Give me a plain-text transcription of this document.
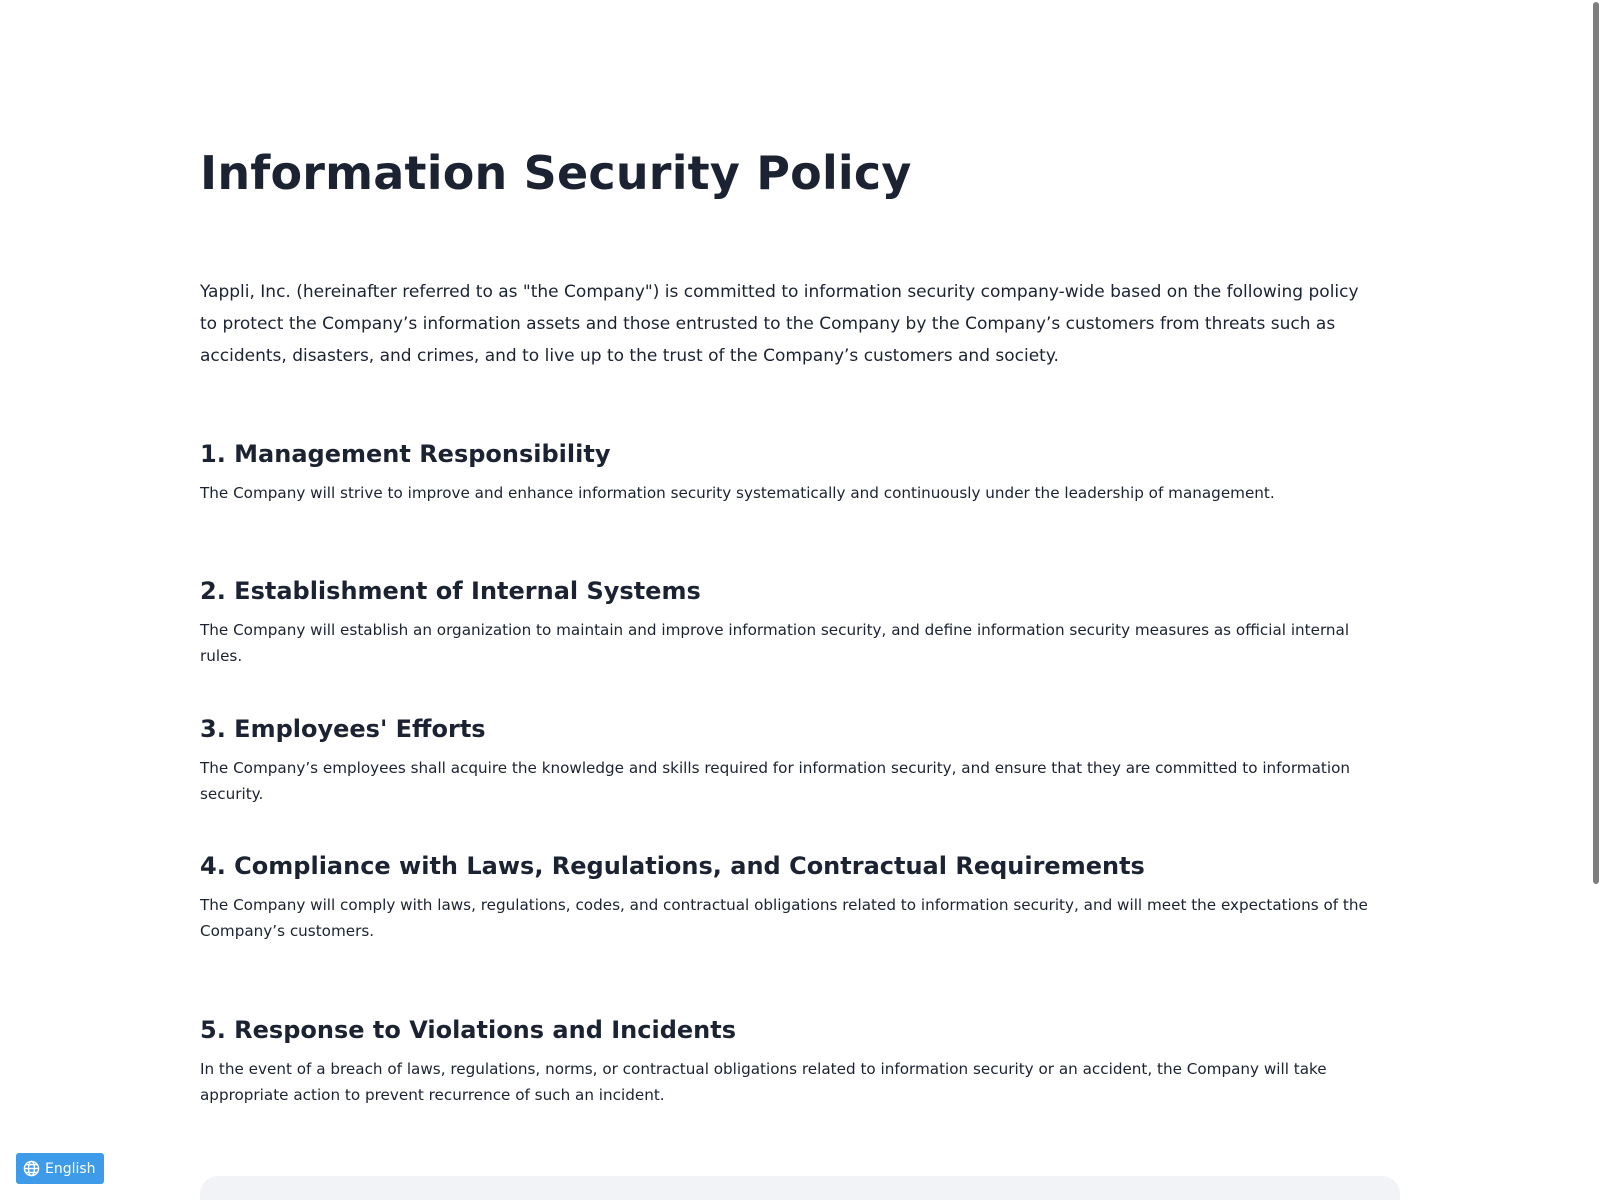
Information Security Policy

Yappli, Inc. (hereinafter referred to as "the Company") is committed to information security company-wide based on the following policy to protect the Company’s information assets and those entrusted to the Company by the Company’s customers from threats such as accidents, disasters, and crimes, and to live up to the trust of the Company’s customers and society.

1. Management Responsibility

The Company will strive to improve and enhance information security systematically and continuously under the leadership of management.

2. Establishment of Internal Systems

The Company will establish an organization to maintain and improve information security, and define information security measures as official internal rules.

3. Employees' Efforts

The Company’s employees shall acquire the knowledge and skills required for information security, and ensure that they are committed to information security.

4. Compliance with Laws, Regulations, and Contractual Requirements

The Company will comply with laws, regulations, codes, and contractual obligations related to information security, and will meet the expectations of the Company’s customers.

5. Response to Violations and Incidents

In the event of a breach of laws, regulations, norms, or contractual obligations related to information security or an accident, the Company will take appropriate action to prevent recurrence of such an incident.

English
